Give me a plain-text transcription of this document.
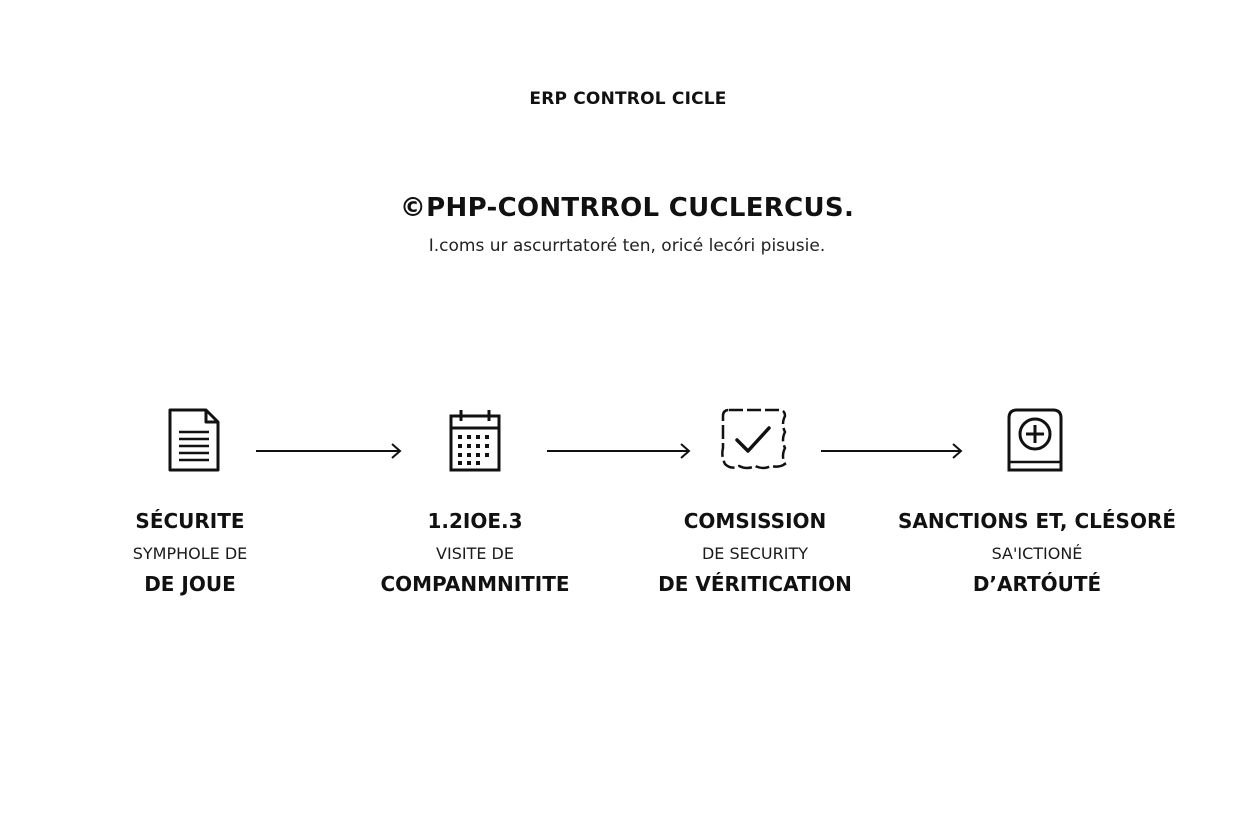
ERP CONTROL CICLE
©PHP-CONTRROL CUCLERCUS.
I.coms ur ascurrtatoré ten, oricé lecóri pisusie.
SÉCURITE
SYMPHOLE DE
DE JOUE
1.2IOE.3
VISITE DE
COMPANMNITITE
COMSISSION
DE SECURITY
DE VÉRITICATION
SANCTIONS ET, CLÉSORÉ
SA'ICTIONÉ
D’ARTÓUTÉ
